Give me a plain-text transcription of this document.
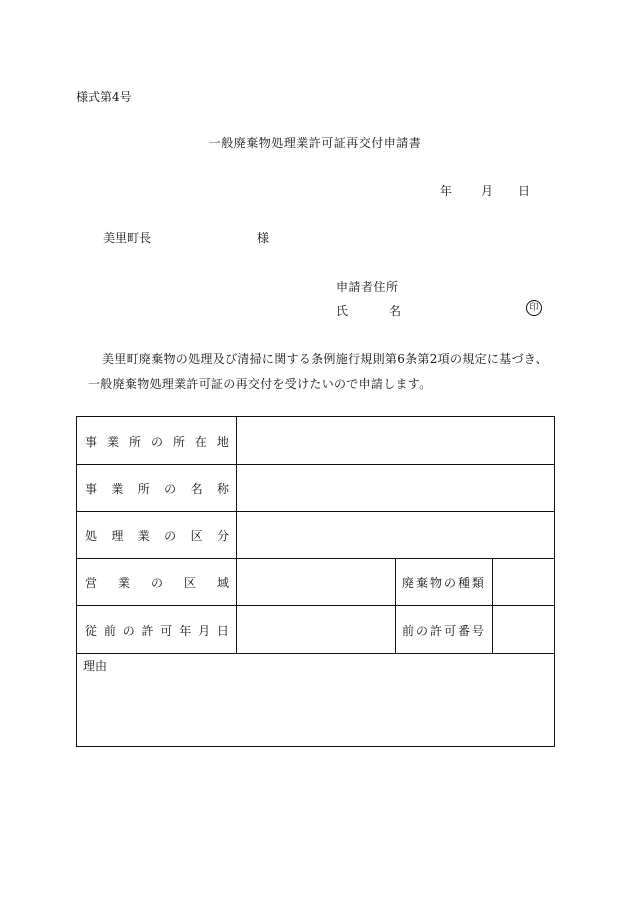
様式第4号
一般廃棄物処理業許可証再交付申請書
年 月 日
美里町長	様
申請者住所
氏	名	印
美里町廃棄物の処理及び清掃に関する条例施行規則第6条第2項の規定に基づき、一般廃棄物処理業許可証の再交付を受けたいので申請します。
事 業 所 の 所 在 地
事 業 所 の 名 称
処 理 業 の 区 分
営 業 の 区 域	廃 棄 物 の 種 類
従 前 の 許 可 年 月 日	前 の 許 可 番 号
理由
